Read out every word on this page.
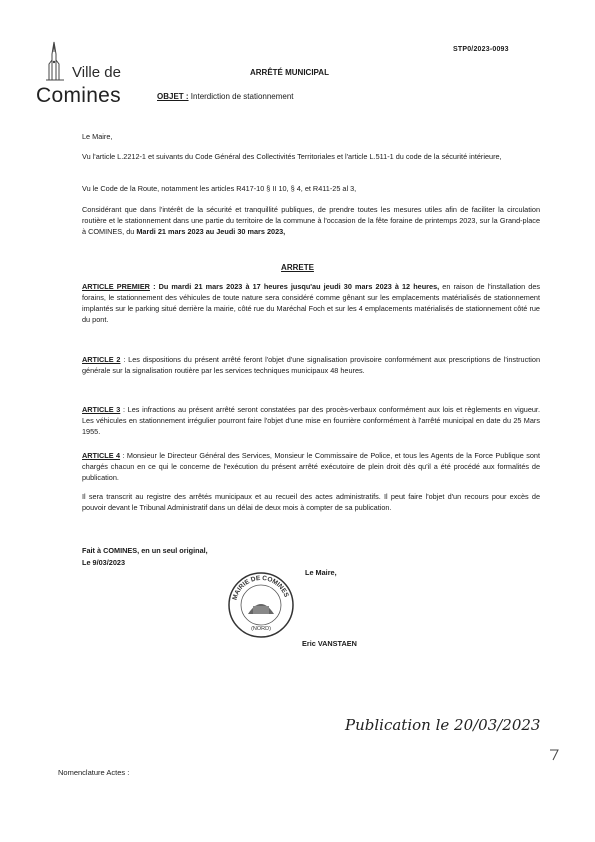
STP0/2023-0093
Ville de
Comines
ARRÊTÉ MUNICIPAL
OBJET : Interdiction de stationnement
Le Maire,
Vu l'article L.2212-1 et suivants du Code Général des Collectivités Territoriales et l'article L.511-1 du code de la sécurité intérieure,
Vu le Code de la Route, notamment les articles R417-10 § II 10, § 4, et R411-25 al 3,
Considérant que dans l'intérêt de la sécurité et tranquillité publiques, de prendre toutes les mesures utiles afin de faciliter la circulation routière et le stationnement dans une partie du territoire de la commune à l'occasion de la fête foraine de printemps 2023, sur la Grand-place à COMINES, du Mardi 21 mars 2023 au Jeudi 30 mars 2023,
ARRETE
ARTICLE PREMIER : Du mardi 21 mars 2023 à 17 heures jusqu'au jeudi 30 mars 2023 à 12 heures, en raison de l'installation des forains, le stationnement des véhicules de toute nature sera considéré comme gênant sur les emplacements matérialisés de stationnement implantés sur le parking situé derrière la mairie, côté rue du Maréchal Foch et sur les 4 emplacements matérialisés de stationnement côté rue du pont.
ARTICLE 2 : Les dispositions du présent arrêté feront l'objet d'une signalisation provisoire conformément aux prescriptions de l'instruction générale sur la signalisation routière par les services techniques municipaux 48 heures.
ARTICLE 3 : Les infractions au présent arrêté seront constatées par des procès-verbaux conformément aux lois et règlements en vigueur. Les véhicules en stationnement irrégulier pourront faire l'objet d'une mise en fourrière conformément à l'arrêté municipal en date du 25 Mars 1955.
ARTICLE 4 : Monsieur le Directeur Général des Services, Monsieur le Commissaire de Police, et tous les Agents de la Force Publique sont chargés chacun en ce qui le concerne de l'exécution du présent arrêté exécutoire de plein droit dès qu'il a été procédé aux formalités de publication.
Il sera transcrit au registre des arrêtés municipaux et au recueil des actes administratifs. Il peut faire l'objet d'un recours pour excès de pouvoir devant le Tribunal Administratif dans un délai de deux mois à compter de sa publication.
Fait à COMINES, en un seul original,
Le 9/03/2023
Le Maire,
MAIRIE DE COMINES
(NORD)
Eric VANSTAEN
Publication le 20/03/2023
Nomenclature Actes :
